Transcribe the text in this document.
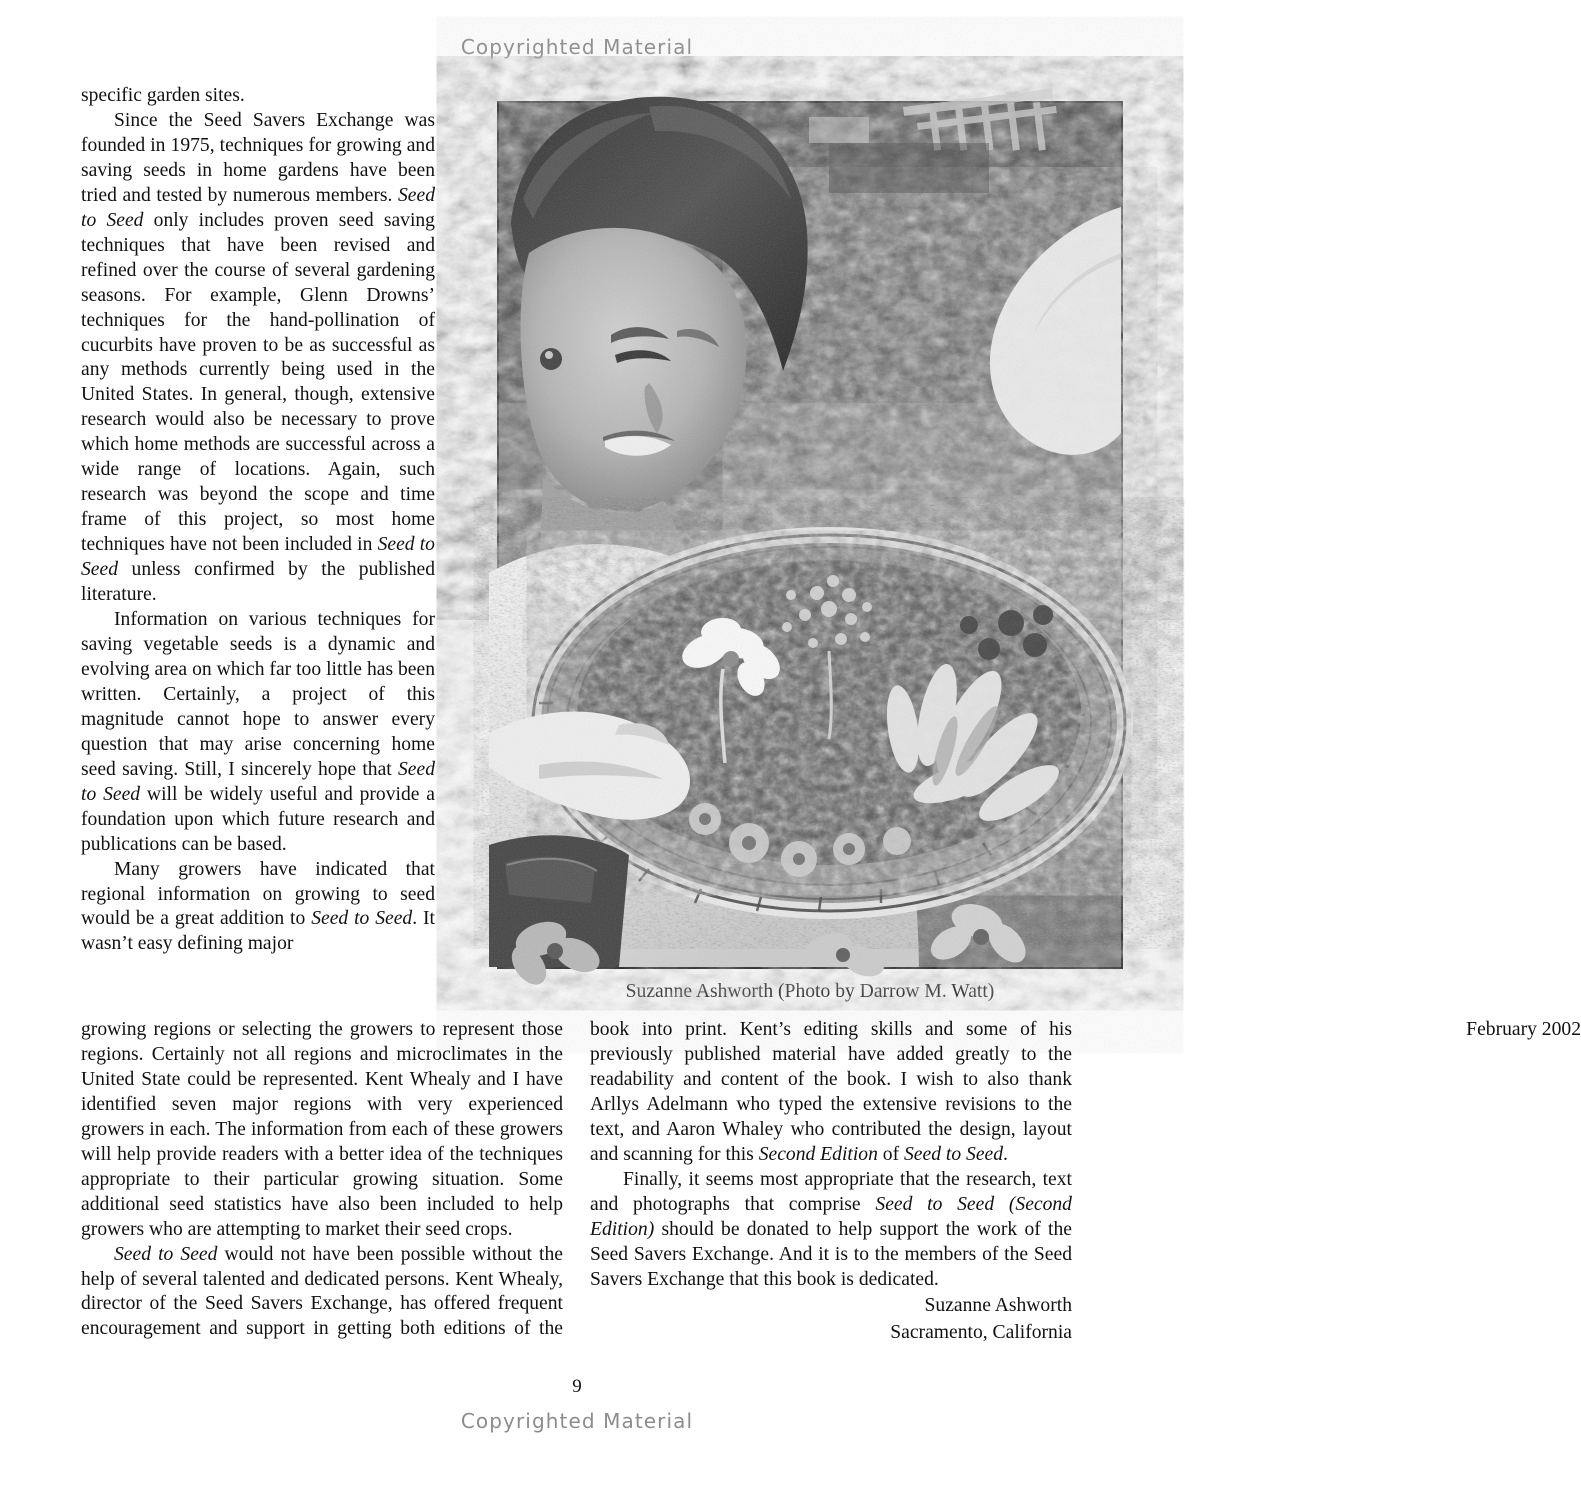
Copyrighted Material

specific garden sites.

Since the Seed Savers Exchange was founded in 1975, techniques for growing and saving seeds in home gardens have been tried and tested by numerous members. Seed to Seed only includes proven seed saving techniques that have been revised and refined over the course of several gardening seasons. For example, Glenn Drowns’ techniques for the hand-pollination of cucurbits have proven to be as successful as any methods currently being used in the United States. In general, though, extensive research would also be necessary to prove which home methods are successful across a wide range of locations. Again, such research was beyond the scope and time frame of this project, so most home techniques have not been included in Seed to Seed unless confirmed by the published literature.

Information on various techniques for saving vegetable seeds is a dynamic and evolving area on which far too little has been written. Certainly, a project of this magnitude cannot hope to answer every question that may arise concerning home seed saving. Still, I sincerely hope that Seed to Seed will be widely useful and provide a foundation upon which future research and publications can be based.

Many growers have indicated that regional information on growing to seed would be a great addition to Seed to Seed. It wasn’t easy defining major

Suzanne Ashworth (Photo by Darrow M. Watt)

growing regions or selecting the growers to represent those regions. Certainly not all regions and microclimates in the United State could be represented. Kent Whealy and I have identified seven major regions with very experienced growers in each. The information from each of these growers will help provide readers with a better idea of the techniques appropriate to their particular growing situation. Some additional seed statistics have also been included to help growers who are attempting to market their seed crops.

Seed to Seed would not have been possible without the help of several talented and dedicated persons. Kent Whealy, director of the Seed Savers Exchange, has offered frequent encouragement and support in getting both editions of the book into print. Kent’s editing skills and some of his previously published material have added greatly to the readability and content of the book. I wish to also thank Arllys Adelmann who typed the extensive revisions to the text, and Aaron Whaley who contributed the design, layout and scanning for this Second Edition of Seed to Seed.

Finally, it seems most appropriate that the research, text and photographs that comprise Seed to Seed (Second Edition) should be donated to help support the work of the Seed Savers Exchange. And it is to the members of the Seed Savers Exchange that this book is dedicated.

Suzanne Ashworth

Sacramento, California

February 2002

9
Copyrighted Material
